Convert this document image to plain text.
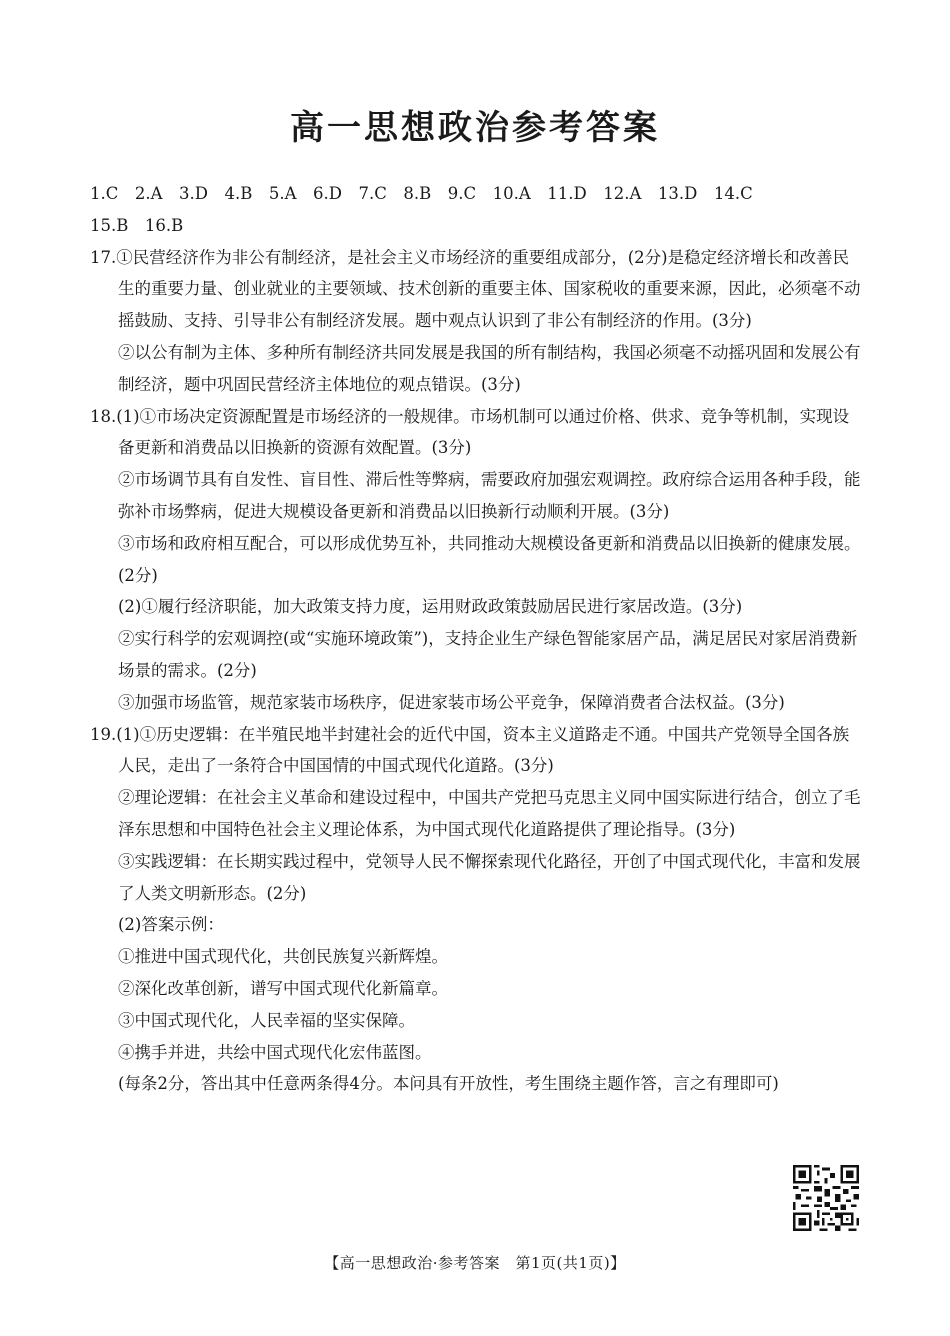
高一思想政治参考答案

1.C　2.A　3.D　4.B　5.A　6.D　7.C　8.B　9.C　10.A　11.D　12.A　13.D　14.C

15.B　16.B

17.①民营经济作为非公有制经济，是社会主义市场经济的重要组成部分，(2分)是稳定经济增长和改善民生的重要力量、创业就业的主要领域、技术创新的重要主体、国家税收的重要来源，因此，必须毫不动摇鼓励、支持、引导非公有制经济发展。题中观点认识到了非公有制经济的作用。(3分)

②以公有制为主体、多种所有制经济共同发展是我国的所有制结构，我国必须毫不动摇巩固和发展公有制经济，题中巩固民营经济主体地位的观点错误。(3分)

18.(1)①市场决定资源配置是市场经济的一般规律。市场机制可以通过价格、供求、竞争等机制，实现设备更新和消费品以旧换新的资源有效配置。(3分)

②市场调节具有自发性、盲目性、滞后性等弊病，需要政府加强宏观调控。政府综合运用各种手段，能弥补市场弊病，促进大规模设备更新和消费品以旧换新行动顺利开展。(3分)

③市场和政府相互配合，可以形成优势互补，共同推动大规模设备更新和消费品以旧换新的健康发展。(2分)

(2)①履行经济职能，加大政策支持力度，运用财政政策鼓励居民进行家居改造。(3分)

②实行科学的宏观调控(或“实施环境政策”)，支持企业生产绿色智能家居产品，满足居民对家居消费新场景的需求。(2分)

③加强市场监管，规范家装市场秩序，促进家装市场公平竞争，保障消费者合法权益。(3分)

19.(1)①历史逻辑：在半殖民地半封建社会的近代中国，资本主义道路走不通。中国共产党领导全国各族人民，走出了一条符合中国国情的中国式现代化道路。(3分)

②理论逻辑：在社会主义革命和建设过程中，中国共产党把马克思主义同中国实际进行结合，创立了毛泽东思想和中国特色社会主义理论体系，为中国式现代化道路提供了理论指导。(3分)

③实践逻辑：在长期实践过程中，党领导人民不懈探索现代化路径，开创了中国式现代化，丰富和发展了人类文明新形态。(2分)

(2)答案示例：

①推进中国式现代化，共创民族复兴新辉煌。

②深化改革创新，谱写中国式现代化新篇章。

③中国式现代化，人民幸福的坚实保障。

④携手并进，共绘中国式现代化宏伟蓝图。

(每条2分，答出其中任意两条得4分。本问具有开放性，考生围绕主题作答，言之有理即可)

【高一思想政治·参考答案　第1页(共1页)】
